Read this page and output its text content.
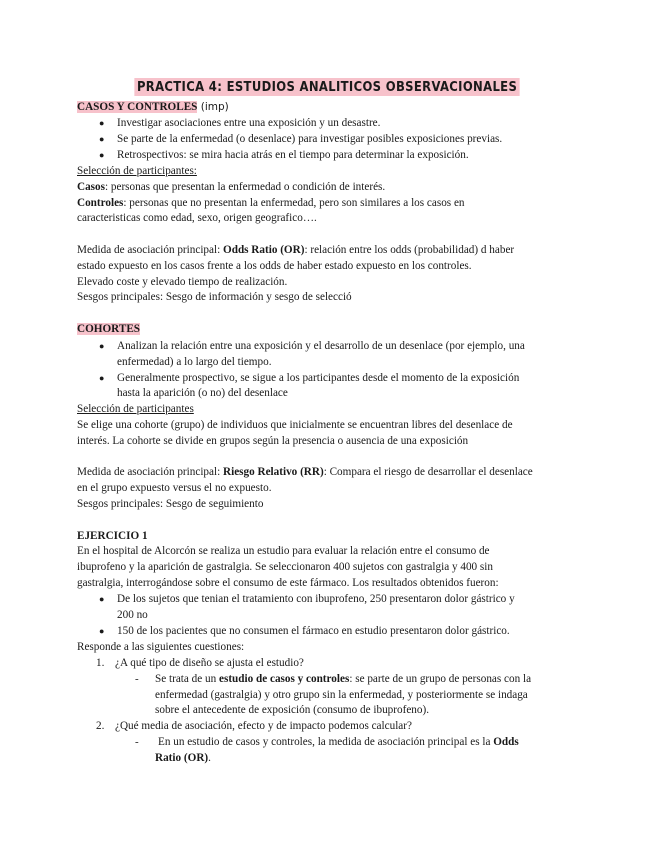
PRACTICA 4: ESTUDIOS ANALITICOS OBSERVACIONALES
CASOS Y CONTROLES (imp)
● Investigar asociaciones entre una exposición y un desastre.
● Se parte de la enfermedad (o desenlace) para investigar posibles exposiciones previas.
● Retrospectivos: se mira hacia atrás en el tiempo para determinar la exposición.
Selección de participantes:
Casos: personas que presentan la enfermedad o condición de interés.
Controles: personas que no presentan la enfermedad, pero son similares a los casos en
caracteristicas como edad, sexo, origen geografico….
Medida de asociación principal: Odds Ratio (OR): relación entre los odds (probabilidad) d haber
estado expuesto en los casos frente a los odds de haber estado expuesto en los controles.
Elevado coste y elevado tiempo de realización.
Sesgos principales: Sesgo de información y sesgo de selecció
COHORTES
● Analizan la relación entre una exposición y el desarrollo de un desenlace (por ejemplo, una
enfermedad) a lo largo del tiempo.
● Generalmente prospectivo, se sigue a los participantes desde el momento de la exposición
hasta la aparición (o no) del desenlace
Selección de participantes
Se elige una cohorte (grupo) de individuos que inicialmente se encuentran libres del desenlace de
interés. La cohorte se divide en grupos según la presencia o ausencia de una exposición
Medida de asociación principal: Riesgo Relativo (RR): Compara el riesgo de desarrollar el desenlace
en el grupo expuesto versus el no expuesto.
Sesgos principales: Sesgo de seguimiento
EJERCICIO 1
En el hospital de Alcorcón se realiza un estudio para evaluar la relación entre el consumo de
ibuprofeno y la aparición de gastralgia. Se seleccionaron 400 sujetos con gastralgia y 400 sin
gastralgia, interrogándose sobre el consumo de este fármaco. Los resultados obtenidos fueron:
● De los sujetos que tenian el tratamiento con ibuprofeno, 250 presentaron dolor gástrico y
200 no
● 150 de los pacientes que no consumen el fármaco en estudio presentaron dolor gástrico.
Responde a las siguientes cuestiones:
1. ¿A qué tipo de diseño se ajusta el estudio?
- Se trata de un estudio de casos y controles: se parte de un grupo de personas con la
enfermedad (gastralgia) y otro grupo sin la enfermedad, y posteriormente se indaga
sobre el antecedente de exposición (consumo de ibuprofeno).
2. ¿Qué media de asociación, efecto y de impacto podemos calcular?
- En un estudio de casos y controles, la medida de asociación principal es la Odds
Ratio (OR).
